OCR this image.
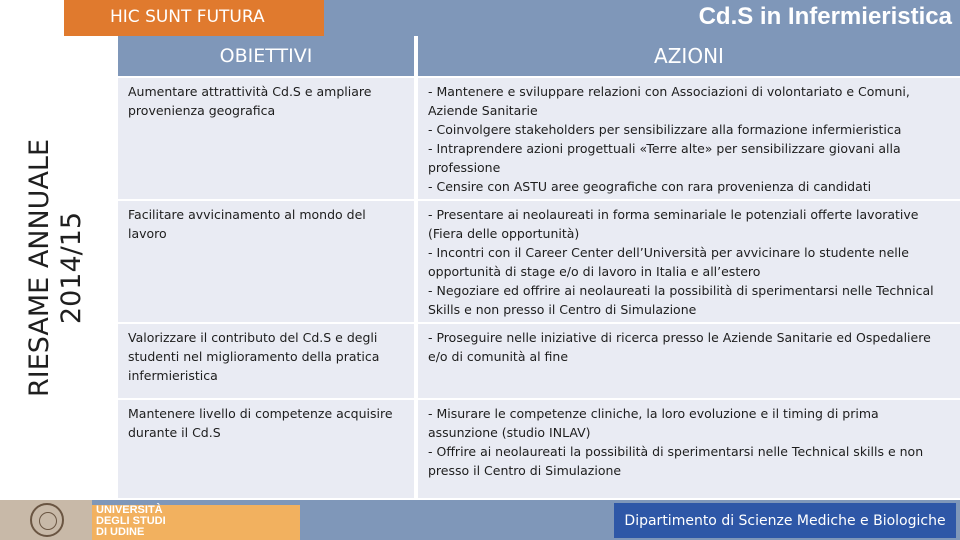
HIC SUNT FUTURA	Cd.S in Infermieristica
RIESAME ANNUALE 2014/15
OBIETTIVI	AZIONI
Aumentare attrattività Cd.S e ampliare provenienza geografica
- Mantenere e sviluppare relazioni con Associazioni di volontariato e Comuni, Aziende Sanitarie
- Coinvolgere stakeholders per sensibilizzare alla formazione infermieristica
- Intraprendere azioni progettuali «Terre alte» per sensibilizzare giovani alla professione
- Censire con ASTU aree geografiche con rara provenienza di candidati
Facilitare avvicinamento al mondo del lavoro
- Presentare ai neolaureati in forma seminariale le potenziali offerte lavorative (Fiera delle opportunità)
- Incontri con il Career Center dell’Università per avvicinare lo studente nelle opportunità di stage e/o di lavoro in Italia e all’estero
- Negoziare ed offrire ai neolaureati la possibilità di sperimentarsi nelle Technical Skills e non presso il Centro di Simulazione
Valorizzare il contributo del Cd.S e degli studenti nel miglioramento della pratica infermieristica
- Proseguire nelle iniziative di ricerca presso le Aziende Sanitarie ed Ospedaliere e/o di comunità al fine
Mantenere livello di competenze acquisire durante il Cd.S
- Misurare le competenze cliniche, la loro evoluzione e il timing di prima assunzione (studio INLAV)
- Offrire ai neolaureati la possibilità di sperimentarsi nelle Technical skills e non presso il Centro di Simulazione
UNIVERSITÀ
DEGLI STUDI
DI UDINE
Dipartimento di Scienze Mediche e Biologiche
